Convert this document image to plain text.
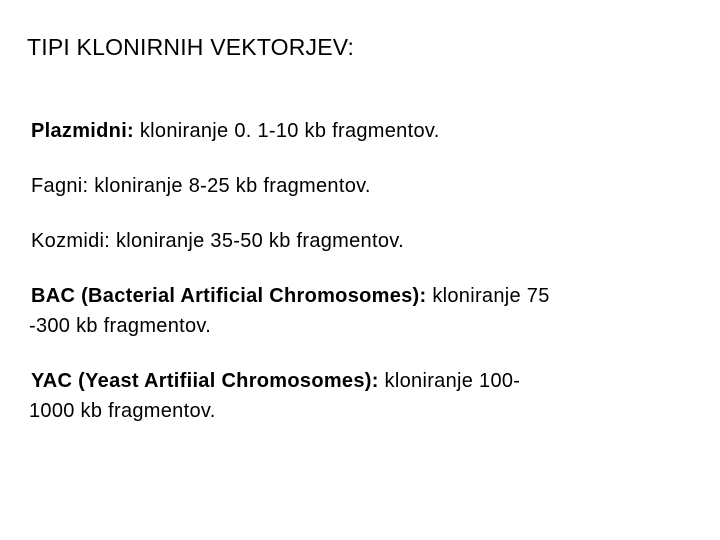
TIPI KLONIRNIH VEKTORJEV:
Plazmidni: kloniranje 0. 1-10 kb fragmentov.
Fagni: kloniranje 8-25 kb fragmentov.
Kozmidi: kloniranje 35-50 kb fragmentov.
BAC (Bacterial Artificial Chromosomes): kloniranje 75
-300 kb fragmentov.
YAC (Yeast Artifiial Chromosomes): kloniranje 100-
1000 kb fragmentov.
